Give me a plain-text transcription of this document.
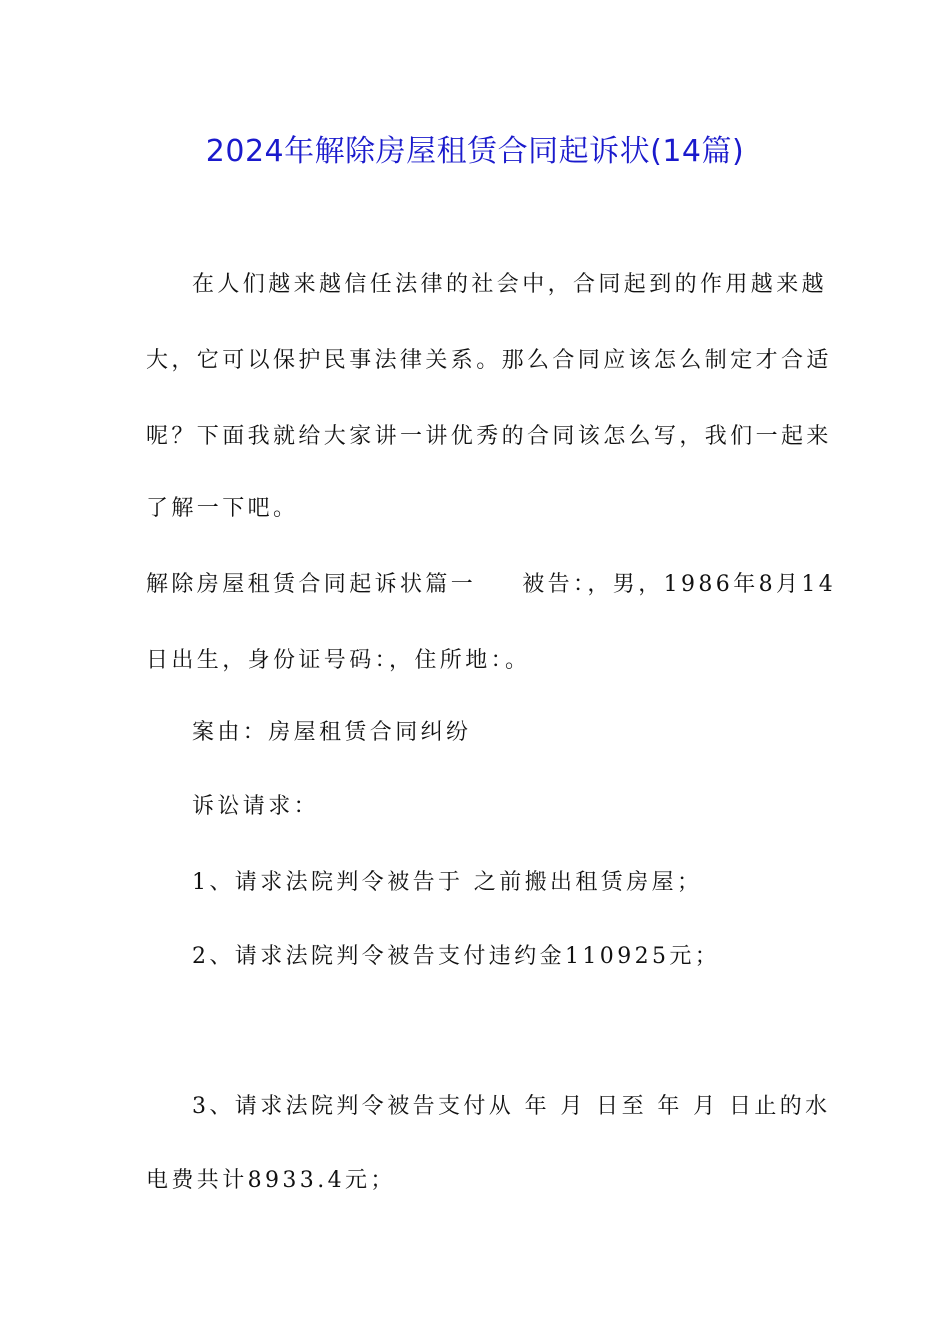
2024年解除房屋租赁合同起诉状(14篇)
在人们越来越信任法律的社会中，合同起到的作用越来越
大，它可以保护民事法律关系。那么合同应该怎么制定才合适
呢？下面我就给大家讲一讲优秀的合同该怎么写，我们一起来
了解一下吧。
解除房屋租赁合同起诉状篇一 被告：，男，1986年8月14
日出生，身份证号码：，住所地：。
案由：房屋租赁合同纠纷
诉讼请求：
1、请求法院判令被告于 之前搬出租赁房屋；
2、请求法院判令被告支付违约金110925元；
3、请求法院判令被告支付从 年 月 日至 年 月 日止的水
电费共计8933.4元；
